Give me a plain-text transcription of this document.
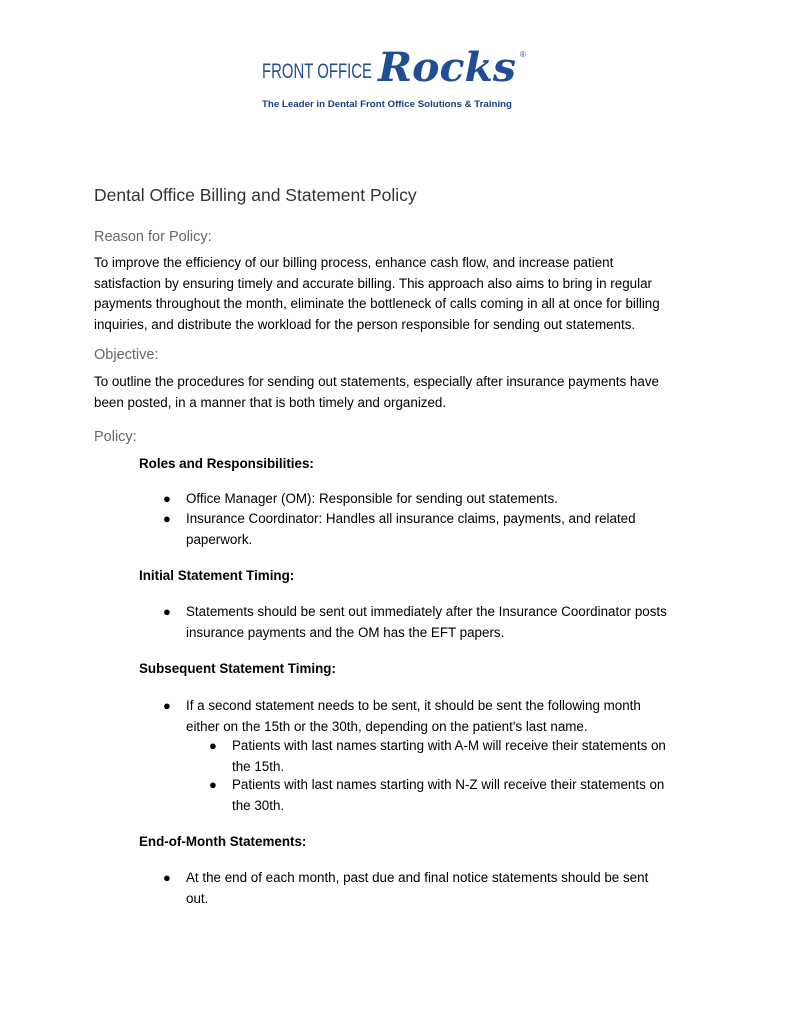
FRONT OFFICE Rocks ®
The Leader in Dental Front Office Solutions & Training
Dental Office Billing and Statement Policy
Reason for Policy:

To improve the efficiency of our billing process, enhance cash flow, and increase patient
satisfaction by ensuring timely and accurate billing. This approach also aims to bring in regular
payments throughout the month, eliminate the bottleneck of calls coming in all at once for billing
inquiries, and distribute the workload for the person responsible for sending out statements.

Objective:

To outline the procedures for sending out statements, especially after insurance payments have
been posted, in a manner that is both timely and organized.

Policy:
Roles and Responsibilities:
● Office Manager (OM): Responsible for sending out statements.
● Insurance Coordinator: Handles all insurance claims, payments, and related
paperwork.
Initial Statement Timing:
● Statements should be sent out immediately after the Insurance Coordinator posts
insurance payments and the OM has the EFT papers.
Subsequent Statement Timing:
● If a second statement needs to be sent, it should be sent the following month
either on the 15th or the 30th, depending on the patient's last name.
● Patients with last names starting with A-M will receive their statements on
the 15th.
● Patients with last names starting with N-Z will receive their statements on
the 30th.
End-of-Month Statements:
● At the end of each month, past due and final notice statements should be sent
out.
